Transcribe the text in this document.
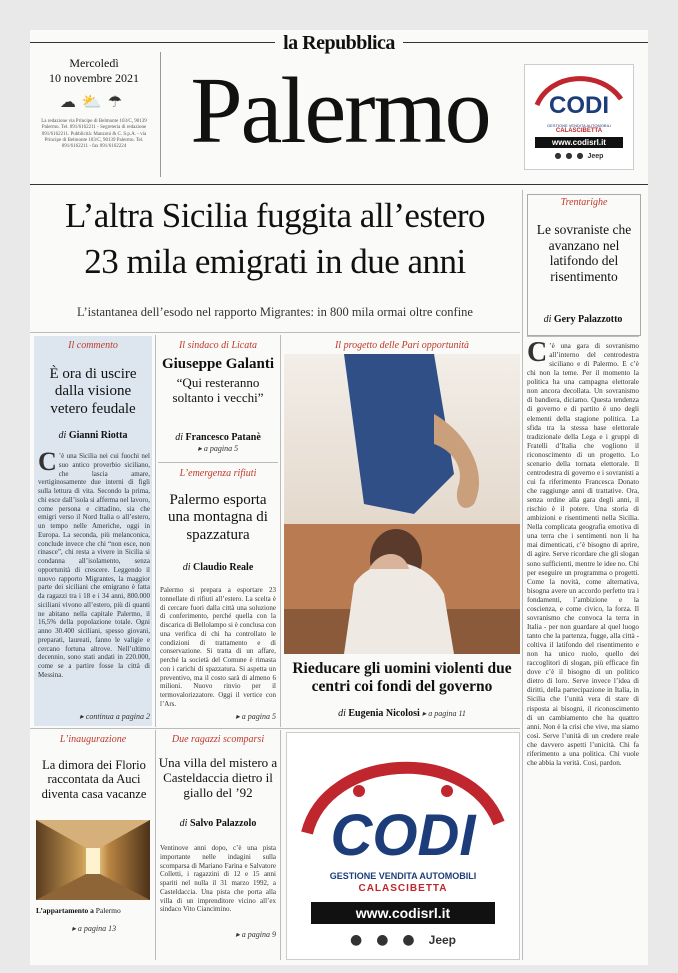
la Repubblica
Mercoledì
10 novembre 2021
☁⛅☂
La redazione via Principe di Belmonte 103/C, 90139 Palermo. Tel. 091/6162211 - Segreteria di redazione 091/6162211. Pubblicità: Manzoni & C. S.p.A. - via Principe di Belmonte 103/C, 90139 Palermo. Tel. 091/6162211 - fax 091/6162224 Palermo	CODI
GESTIONE VENDITA AUTOMOBILI
CALASCIBETTA
www.codisrl.it
●●●Jeep
L’altra Sicilia fuggita all’estero
23 mila emigrati in due anni
L’istantanea dell’esodo nel rapporto Migrantes: in 800 mila ormai oltre confine
Trentarighe
Le sovraniste che avanzano nel latifondo del risentimento
di Gery Palazzotto
C ’è una gara di sovranismo all’interno del centrodestra siciliano e di Palermo. E c’è chi non la teme. Per il momento la politica ha una campagna elettorale non ancora decollata. Un sovranismo di bandiera, diciamo. Questa tendenza di governo e di partito è uno degli elementi della stagione politica. La sfida tra la stessa base elettorale tradizionale della Lega e i gruppi di Fratelli d’Italia che vogliono il riconoscimento di un progetto. Lo scenario della tornata elettorale. Il centrodestra di governo e i sovranisti a cui fa riferimento Francesca Donato che raggiunge anni di trattative. Ora, senza ordine alla gara degli anni, il rischio è il potere. Una storia di ambizioni e risentimenti nella Sicilia. Nella complicata geografia emotiva di una terra che i sentimenti non li ha mai dimenticati, c’è bisogno di aprire, di agire. Serve ricordare che gli slogan sono sufficienti, mentre le idee no. Chi per eseguire un programma o progetti. Come la novità, come alternativa, bisogna avere un accordo perfetto tra i fondamenti, l’ambizione e la coscienza, e come civico, la forza. Il sovranismo che convoca la terra in Italia - per non guardare al quel luogo tanto che la partenza, fugge, alla città - coltiva il latifondo del risentimento e non ha unico ruolo, quello dei raccoglitori di slogan, più efficace fin dove c’è il bisogno di un politico dietro di loro. Serve invece l’idea di diritti, della partecipazione in Italia, in Sicilia che l’unità vera di stare di risposta ai bisogni, il riconoscimento di un cambiamento che ha quattro anni. Non è la crisi che vive, ma siamo così. Serve l’unità di un credere reale che davvero aspetti l’unicità. Chi fa riferimento a una politica. Chi vuole che abbia la verità. Cosi, pardon.
Il commento
È ora di uscire dalla visione vetero feudale
di Gianni Riotta
C ’è una Sicilia nei cui fuochi nel suo antico proverbio siciliano, che lascia amare, vertiginosamente due interni di figli sulla lettura di vita. Secondo la prima, chi esce dall’isola si afferma nel lavoro, come persona e cittadino, sia che emigri verso il Nord Italia o all’estero, un tempo nelle Americhe, oggi in Europa. La seconda, più melanconica, conclude invece che chi “non esce, non rinasce”, chi resta a vivere in Sicilia si condanna all’isolamento, senza opportunità di crescere. Leggendo il nuovo rapporto Migrantes, la maggior parte dei siciliani che emigrano è fatta da ragazzi tra i 18 e i 34 anni, 800.000 siciliani vivono all’estero, più di quanti ne abitano nella capitale Palermo, il 16,5% della popolazione totale. Ogni anno 30.400 siciliani, spesso giovani, preparati, laureati, fanno le valigie e cercano fortuna altrove. Nell’ultimo decennio, sono stati andati in 220.000, come se a partire fosse la città di Messina.
▸ continua a pagina 2
Il sindaco di Licata
Giuseppe Galanti
“Qui resteranno soltanto i vecchi”
di Francesco Patanè
▸ a pagina 5
L’emergenza rifiuti
Palermo esporta una montagna di spazzatura
di Claudio Reale
Palermo si prepara a esportare 23 tonnellate di rifiuti all’estero. La scelta è di cercare fuori dalla città una soluzione di conferimento, perché quella con la discarica di Bellolampo si è conclusa con una verifica di chi ha controllato le condizioni di trattamento e di conservazione. Si tratta di un affare, perché la società del Comune è rimasta con i carichi di spazzatura. Si aspetta un preventivo, ma il costo sarà di almeno 6 milioni. Nuovo rinvio per il termovalorizzatore. Oggi il vertice con l’Ars.
▸ a pagina 5
Il progetto delle Pari opportunità
Rieducare gli uomini violenti due centri coi fondi del governo
di Eugenia Nicolosi ▸ a pagina 11
L’inaugurazione
La dimora dei Florio raccontata da Auci diventa casa vacanze
L’appartamento a Palermo
▸ a pagina 13
Due ragazzi scomparsi
Una villa del mistero a Casteldaccia dietro il giallo del ’92
di Salvo Palazzolo
Ventinove anni dopo, c’è una pista importante nelle indagini sulla scomparsa di Mariano Farina e Salvatore Colletti, i ragazzini di 12 e 15 anni spariti nel nulla il 31 marzo 1992, a Casteldaccia. Una pista che porta alla villa di un imprenditore vicino all’ex sindaco Vito Ciancimino.
▸ a pagina 9
CODI
GESTIONE VENDITA AUTOMOBILI
CALASCIBETTA
www.codisrl.it
●●●Jeep
